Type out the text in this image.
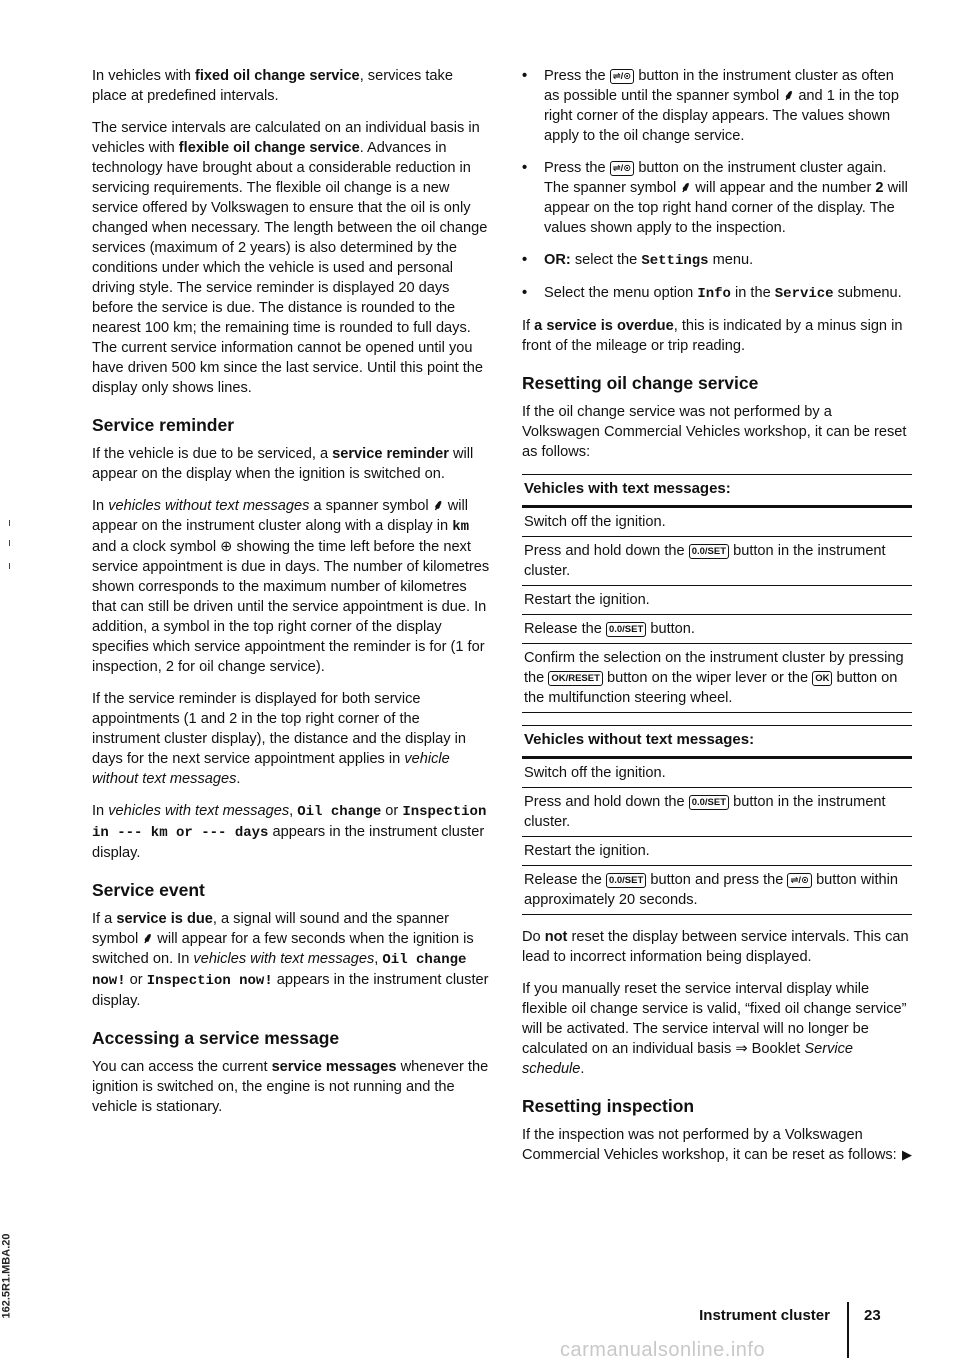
162.5R1.MBA.20

In vehicles with fixed oil change service, services take place at predefined intervals.

The service intervals are calculated on an individual basis in vehicles with flexible oil change service. Advances in technology have brought about a considerable reduction in servicing requirements. The flexible oil change is a new service offered by Volkswagen to ensure that the oil is only changed when necessary. The length between the oil change services (maximum of 2 years) is also determined by the conditions under which the vehicle is used and personal driving style. The service reminder is displayed 20 days before the service is due. The distance is rounded to the nearest 100 km; the remaining time is rounded to full days. The current service information cannot be opened until you have driven 500 km since the last service. Until this point the display only shows lines.

Service reminder

If the vehicle is due to be serviced, a service reminder will appear on the display when the ignition is switched on.

In vehicles without text messages a spanner symbol ⸙ will appear on the instrument cluster along with a display in km and a clock symbol ⊕ showing the time left before the next service appointment is due in days. The number of kilometres shown corresponds to the maximum number of kilometres that can still be driven until the service appointment is due. In addition, a symbol in the top right corner of the display specifies which service appointment the reminder is for (1 for inspection, 2 for oil change service).

If the service reminder is displayed for both service appointments (1 and 2 in the top right corner of the instrument cluster display), the distance and the display in days for the next service appointment applies in vehicle without text messages.

In vehicles with text messages, Oil change or Inspection in --- km or --- days appears in the instrument cluster display.

Service event

If a service is due, a signal will sound and the spanner symbol ⸙ will appear for a few seconds when the ignition is switched on. In vehicles with text messages, Oil change now! or Inspection now! appears in the instrument cluster display.

Accessing a service message

You can access the current service messages whenever the ignition is switched on, the engine is not running and the vehicle is stationary.

•	Press the ⇌/⊙ button in the instrument cluster as often as possible until the spanner symbol ⸙ and 1 in the top right corner of the display appears. The values shown apply to the oil change service.
•	Press the ⇌/⊙ button on the instrument cluster again. The spanner symbol ⸙ will appear and the number 2 will appear on the top right hand corner of the display. The values shown apply to the inspection.
•	OR: select the Settings menu.
•	Select the menu option Info in the Service submenu.

If a service is overdue, this is indicated by a minus sign in front of the mileage or trip reading.

Resetting oil change service

If the oil change service was not performed by a Volkswagen Commercial Vehicles workshop, it can be reset as follows:

Vehicles with text messages:
Switch off the ignition.
Press and hold down the 0.0/SET button in the instrument cluster.
Restart the ignition.
Release the 0.0/SET button.
Confirm the selection on the instrument cluster by pressing the OK/RESET button on the wiper lever or the OK button on the multifunction steering wheel.
Vehicles without text messages:
Switch off the ignition.
Press and hold down the 0.0/SET button in the instrument cluster.
Restart the ignition.
Release the 0.0/SET button and press the ⇌/⊙ button within approximately 20 seconds.

Do not reset the display between service intervals. This can lead to incorrect information being displayed.

If you manually reset the service interval display while flexible oil change service is valid, “fixed oil change service” will be activated. The service interval will no longer be calculated on an individual basis ⇒ Booklet Service schedule.

Resetting inspection

If the inspection was not performed by a Volkswagen Commercial Vehicles workshop, it can be reset as follows: ▶

Instrument cluster 23
carmanualsonline.info
